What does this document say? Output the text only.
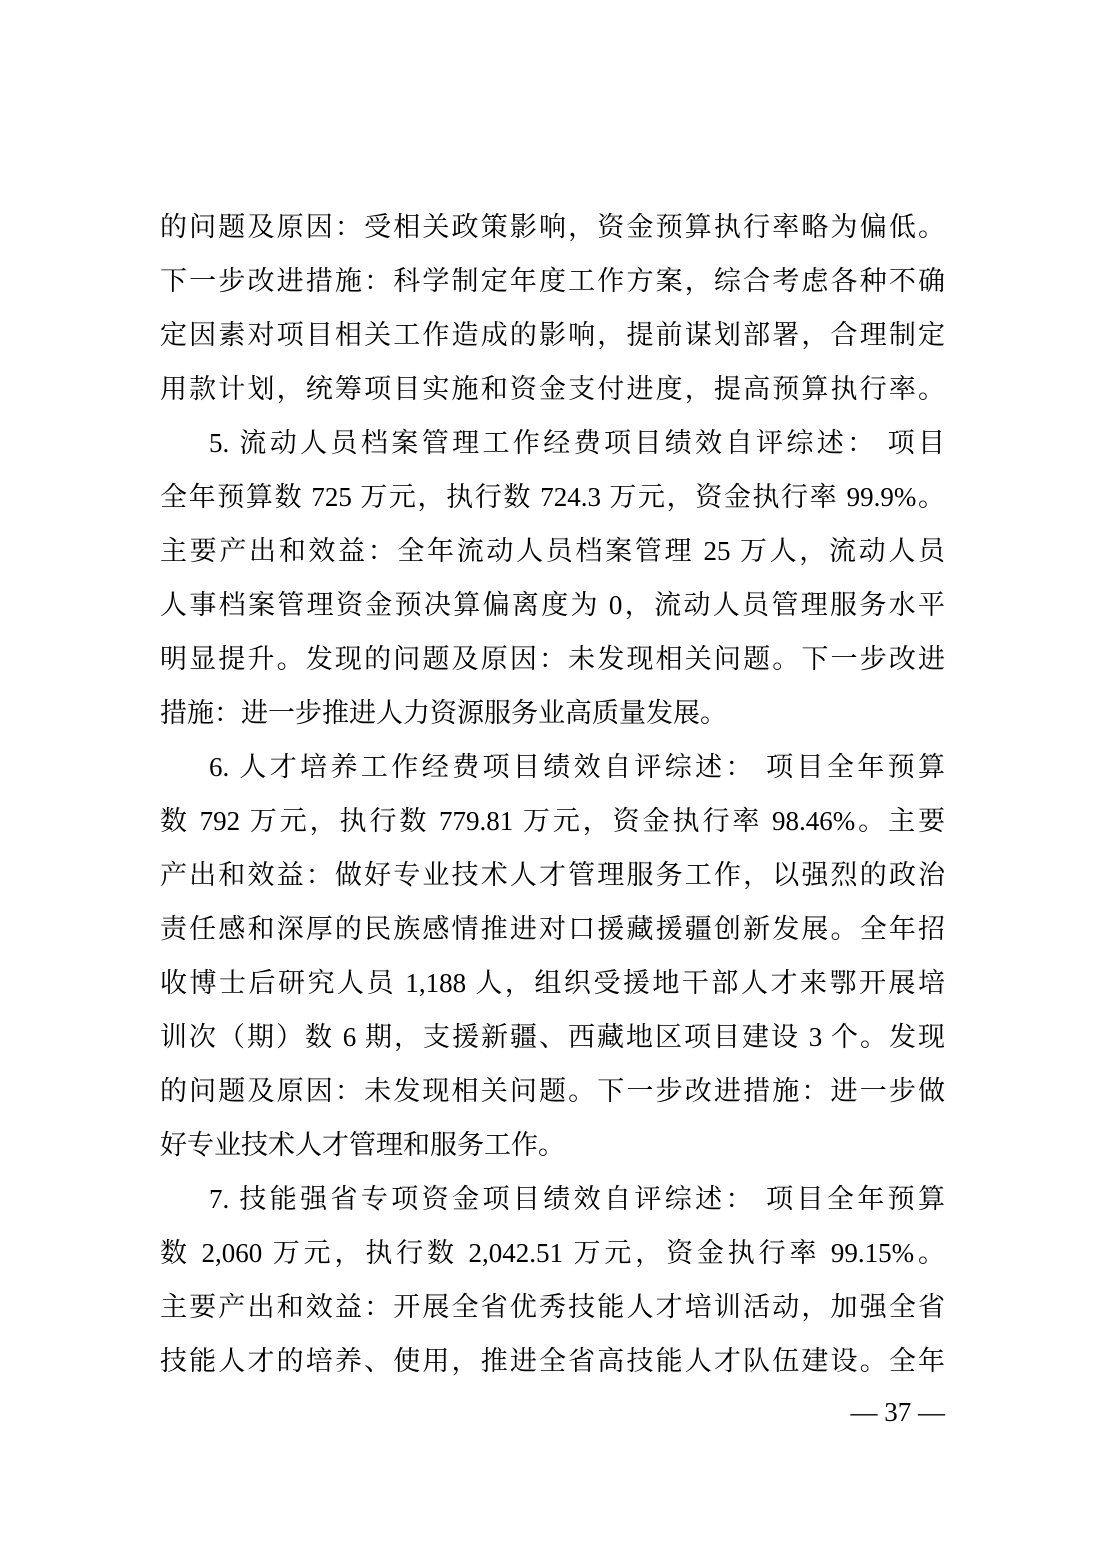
的问题及原因：受相关政策影响，资金预算执行率略为偏低。
下一步改进措施：科学制定年度工作方案，综合考虑各种不确
定因素对项目相关工作造成的影响，提前谋划部署，合理制定
用款计划，统筹项目实施和资金支付进度，提高预算执行率。
5. 流动人员档案管理工作经费项目绩效自评综述： 项目
全年预算数 725 万元，执行数 724.3 万元，资金执行率 99.9%。
主要产出和效益：全年流动人员档案管理 25 万人，流动人员
人事档案管理资金预决算偏离度为 0，流动人员管理服务水平
明显提升。发现的问题及原因：未发现相关问题。下一步改进
措施：进一步推进人力资源服务业高质量发展。
6. 人才培养工作经费项目绩效自评综述： 项目全年预算
数 792 万元，执行数 779.81 万元，资金执行率 98.46%。主要
产出和效益：做好专业技术人才管理服务工作，以强烈的政治
责任感和深厚的民族感情推进对口援藏援疆创新发展。全年招
收博士后研究人员 1,188 人，组织受援地干部人才来鄂开展培
训次（期）数 6 期，支援新疆、西藏地区项目建设 3 个。发现
的问题及原因：未发现相关问题。下一步改进措施：进一步做
好专业技术人才管理和服务工作。
7. 技能强省专项资金项目绩效自评综述： 项目全年预算
数 2,060 万元，执行数 2,042.51 万元，资金执行率 99.15%。
主要产出和效益：开展全省优秀技能人才培训活动，加强全省
技能人才的培养、使用，推进全省高技能人才队伍建设。全年
— 37 —
